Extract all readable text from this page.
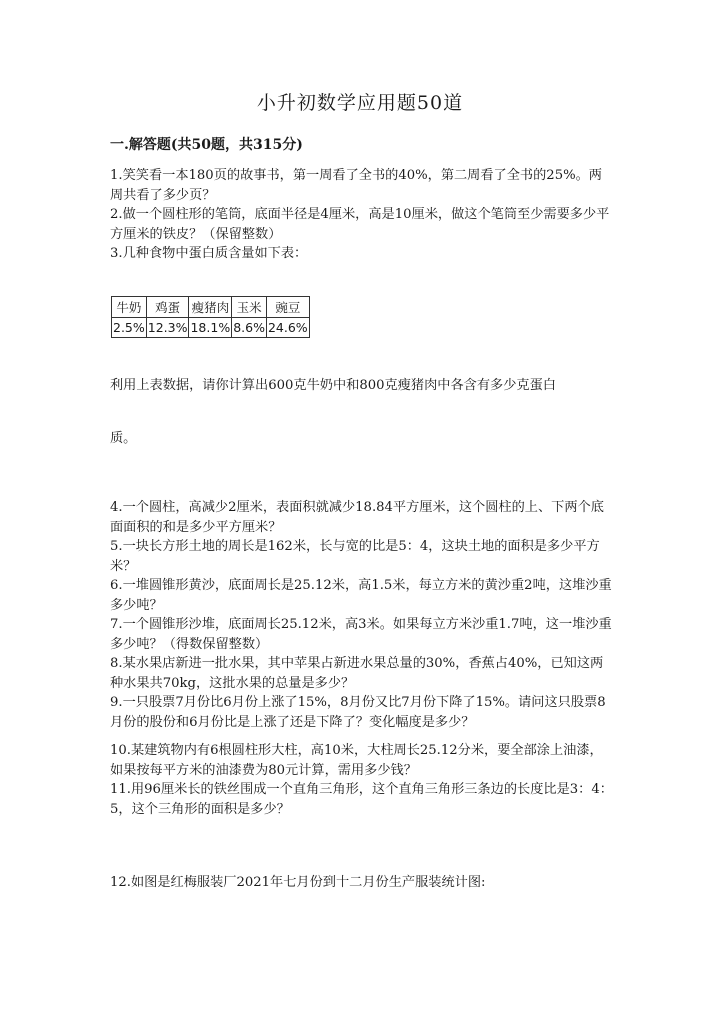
小升初数学应用题50道
一.解答题(共50题，共315分)

1.笑笑看一本180页的故事书，第一周看了全书的40%，第二周看了全书的25%。两周共看了多少页？

2.做一个圆柱形的笔筒，底面半径是4厘米，高是10厘米，做这个笔筒至少需要多少平方厘米的铁皮？（保留整数）

3.几种食物中蛋白质含量如下表：

牛奶	鸡蛋	瘦猪肉	玉米	豌豆
2.5%	12.3%	18.1%	8.6%	24.6%

利用上表数据，请你计算出600克牛奶中和800克瘦猪肉中各含有多少克蛋白

质。

4.一个圆柱，高减少2厘米，表面积就减少18.84平方厘米，这个圆柱的上、下两个底面面积的和是多少平方厘米？

5.一块长方形土地的周长是162米，长与宽的比是5：4，这块土地的面积是多少平方米？

6.一堆圆锥形黄沙，底面周长是25.12米，高1.5米，每立方米的黄沙重2吨，这堆沙重多少吨？

7.一个圆锥形沙堆，底面周长25.12米，高3米。如果每立方米沙重1.7吨，这一堆沙重多少吨？（得数保留整数）

8.某水果店新进一批水果，其中苹果占新进水果总量的30%，香蕉占40%，已知这两种水果共70kg，这批水果的总量是多少？

9.一只股票7月份比6月份上涨了15%，8月份又比7月份下降了15%。请问这只股票8月份的股份和6月份比是上涨了还是下降了？变化幅度是多少？

10.某建筑物内有6根圆柱形大柱，高10米，大柱周长25.12分米，要全部涂上油漆，如果按每平方米的油漆费为80元计算，需用多少钱？

11.用96厘米长的铁丝围成一个直角三角形，这个直角三角形三条边的长度比是3：4：5，这个三角形的面积是多少？

12.如图是红梅服装厂2021年七月份到十二月份生产服装统计图:
